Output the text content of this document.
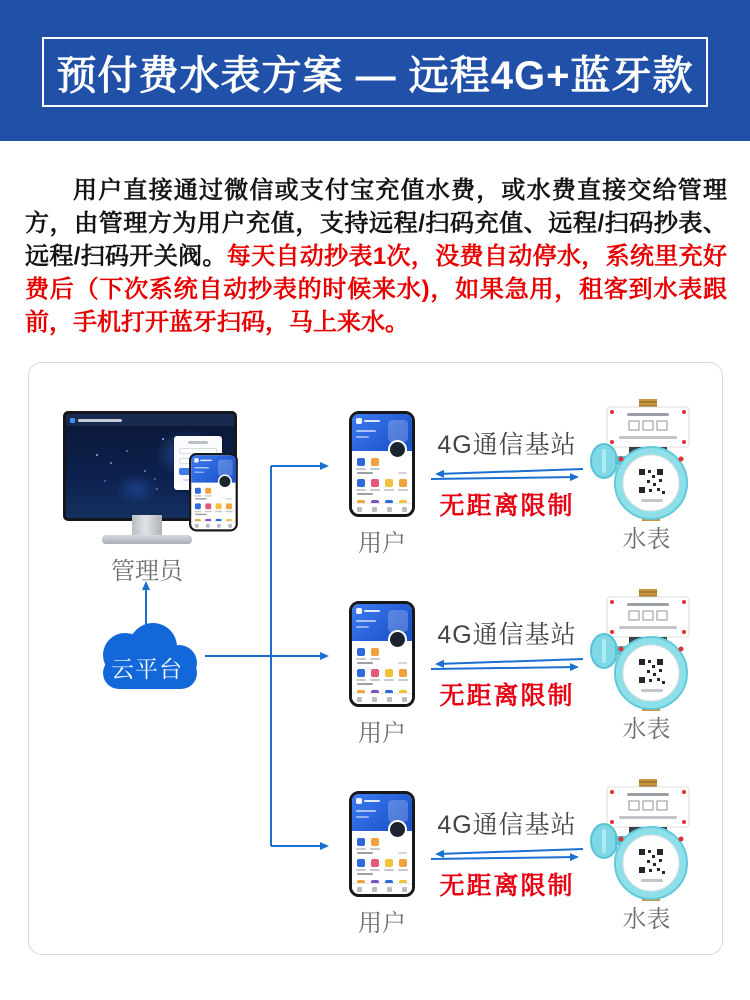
预付费水表方案 — 远程4G+蓝牙款

用户直接通过微信或支付宝充值水费，或水费直接交给管理方，由管理方为用户充值，支持远程/扫码充值、远程/扫码抄表、远程/扫码开关阀。每天自动抄表1次，没费自动停水，系统里充好费后（下次系统自动抄表的时候来水)，如果急用，租客到水表跟前，手机打开蓝牙扫码，马上来水。

管理员
云平台
用户
4G通信基站
无距离限制
水表
用户
4G通信基站
无距离限制
水表
用户
4G通信基站
无距离限制
水表
